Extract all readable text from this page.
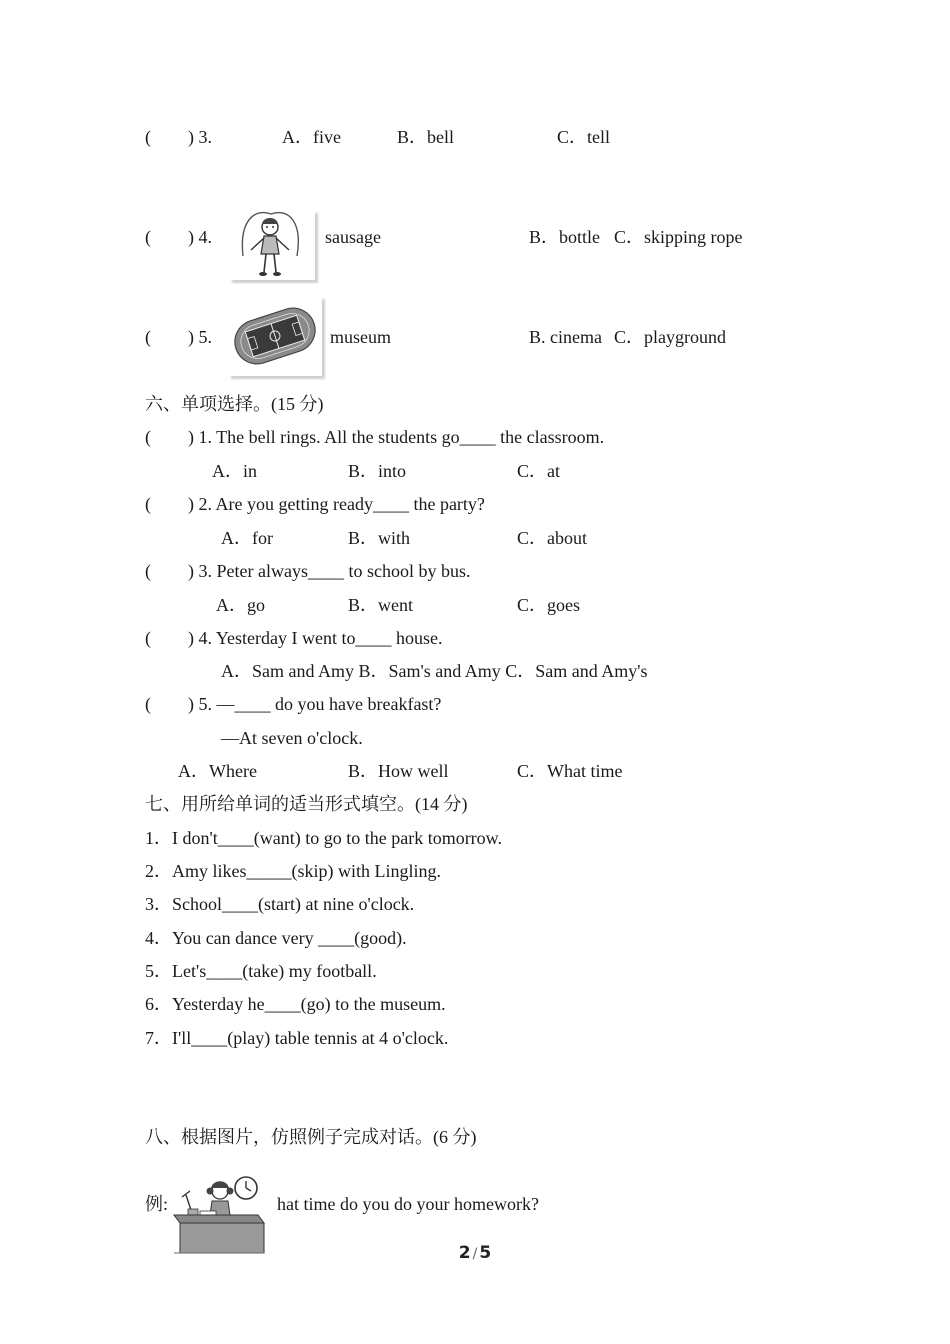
( ) 3.	A．five	B．bell	C．tell
( ) 4.	sausage	B．bottle C．skipping rope
( ) 5.	museum	B. cinema C．playground
六、单项选择。(15 分)
( ) 1. The bell rings. All the students go____ the classroom.
A．in	B．into	C．at
( ) 2. Are you getting ready____ the party?
A．for	B．with	C．about
( ) 3. Peter always____ to school by bus.
A．go	B．went	C．goes
( ) 4. Yesterday I went to____ house.
A．Sam and Amy B．Sam's and Amy C．Sam and Amy's
( ) 5. —____ do you have breakfast?
—At seven o'clock.
A．Where	B．How well	C．What time
七、用所给单词的适当形式填空。(14 分)
1．I don't____(want) to go to the park tomorrow.
2．Amy likes_____(skip) with Lingling.
3．School____(start) at nine o'clock.
4．You can dance very ____(good).
5．Let's____(take) my football.
6．Yesterday he____(go) to the museum.
7．I'll____(play) table tennis at 4 o'clock.
八、根据图片，仿照例子完成对话。(6 分)
例:	hat time do you do your homework?
2 / 5
